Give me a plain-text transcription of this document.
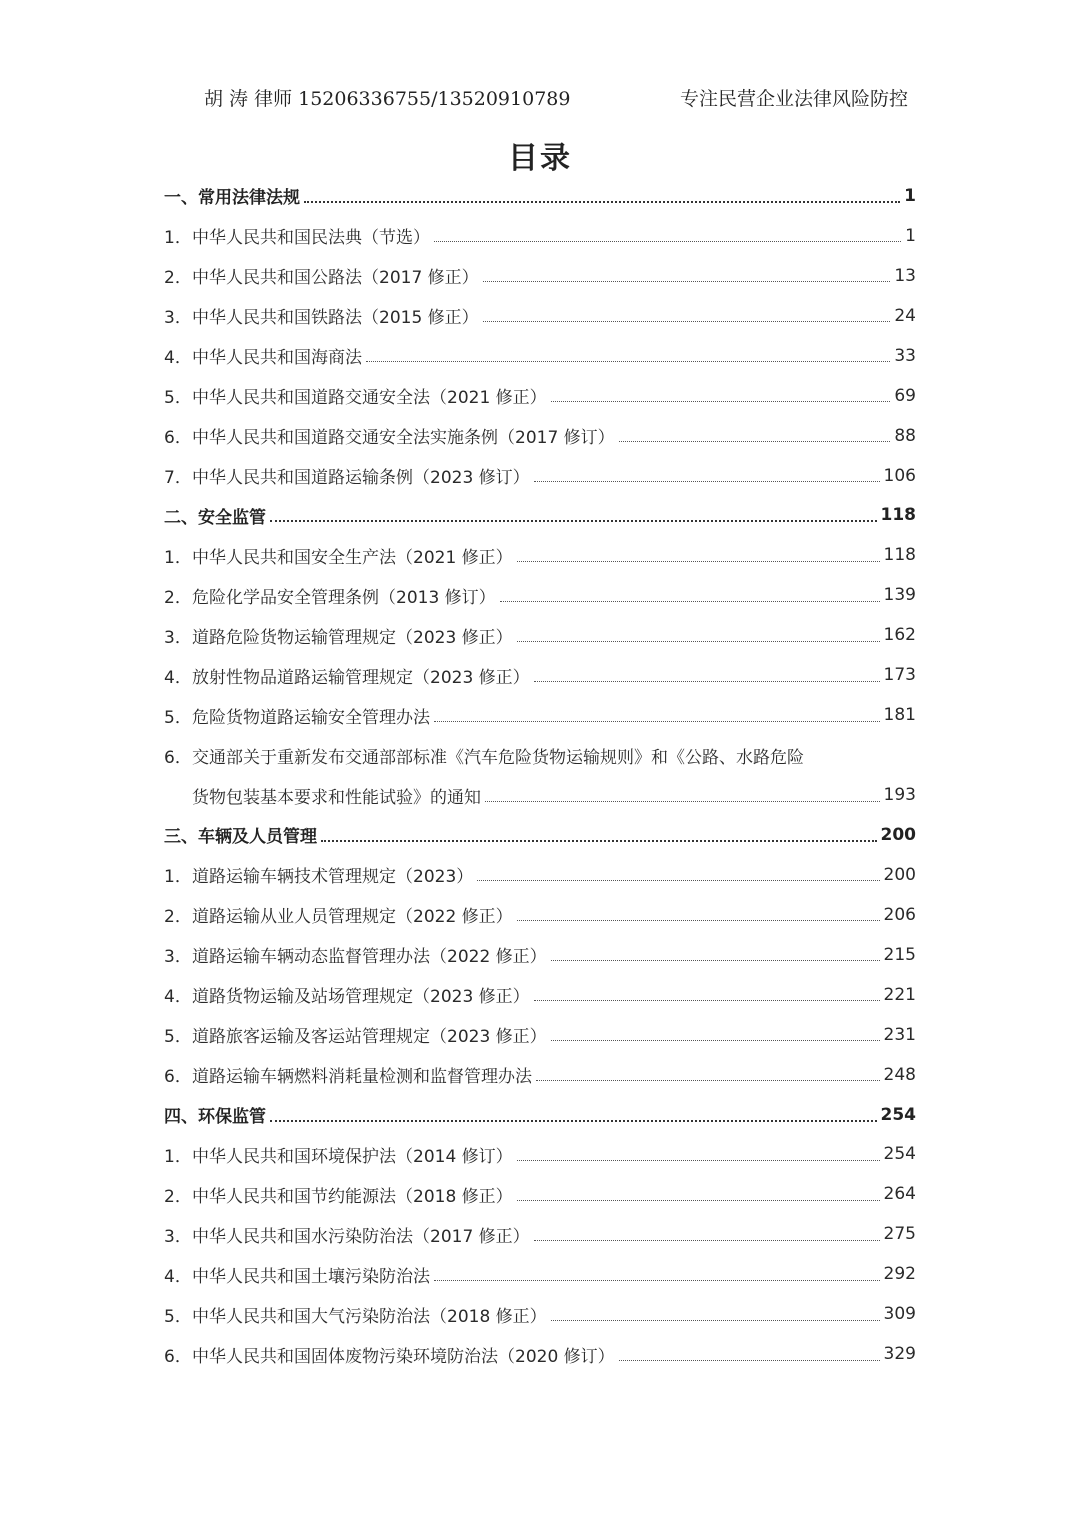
胡 涛 律师 15206336755/13520910789	专注民营企业法律风险防控
目录
一、常用法律法规	1
1． 中华人民共和国民法典（节选）	1
2． 中华人民共和国公路法（2017 修正）	13
3． 中华人民共和国铁路法（2015 修正）	24
4． 中华人民共和国海商法	33
5． 中华人民共和国道路交通安全法（2021 修正）	69
6． 中华人民共和国道路交通安全法实施条例（2017 修订）	88
7． 中华人民共和国道路运输条例（2023 修订）	106
二、安全监管	118
1． 中华人民共和国安全生产法（2021 修正）	118
2． 危险化学品安全管理条例（2013 修订）	139
3． 道路危险货物运输管理规定（2023 修正）	162
4． 放射性物品道路运输管理规定（2023 修正）	173
5． 危险货物道路运输安全管理办法	181
6． 交通部关于重新发布交通部部标准《汽车危险货物运输规则》和《公路、水路危险
货物包装基本要求和性能试验》的通知	193
三、车辆及人员管理	200
1． 道路运输车辆技术管理规定（2023）	200
2． 道路运输从业人员管理规定（2022 修正）	206
3． 道路运输车辆动态监督管理办法（2022 修正）	215
4． 道路货物运输及站场管理规定（2023 修正）	221
5． 道路旅客运输及客运站管理规定（2023 修正）	231
6． 道路运输车辆燃料消耗量检测和监督管理办法	248
四、环保监管	254
1． 中华人民共和国环境保护法（2014 修订）	254
2． 中华人民共和国节约能源法（2018 修正）	264
3． 中华人民共和国水污染防治法（2017 修正）	275
4． 中华人民共和国土壤污染防治法	292
5． 中华人民共和国大气污染防治法（2018 修正）	309
6． 中华人民共和国固体废物污染环境防治法（2020 修订）	329
